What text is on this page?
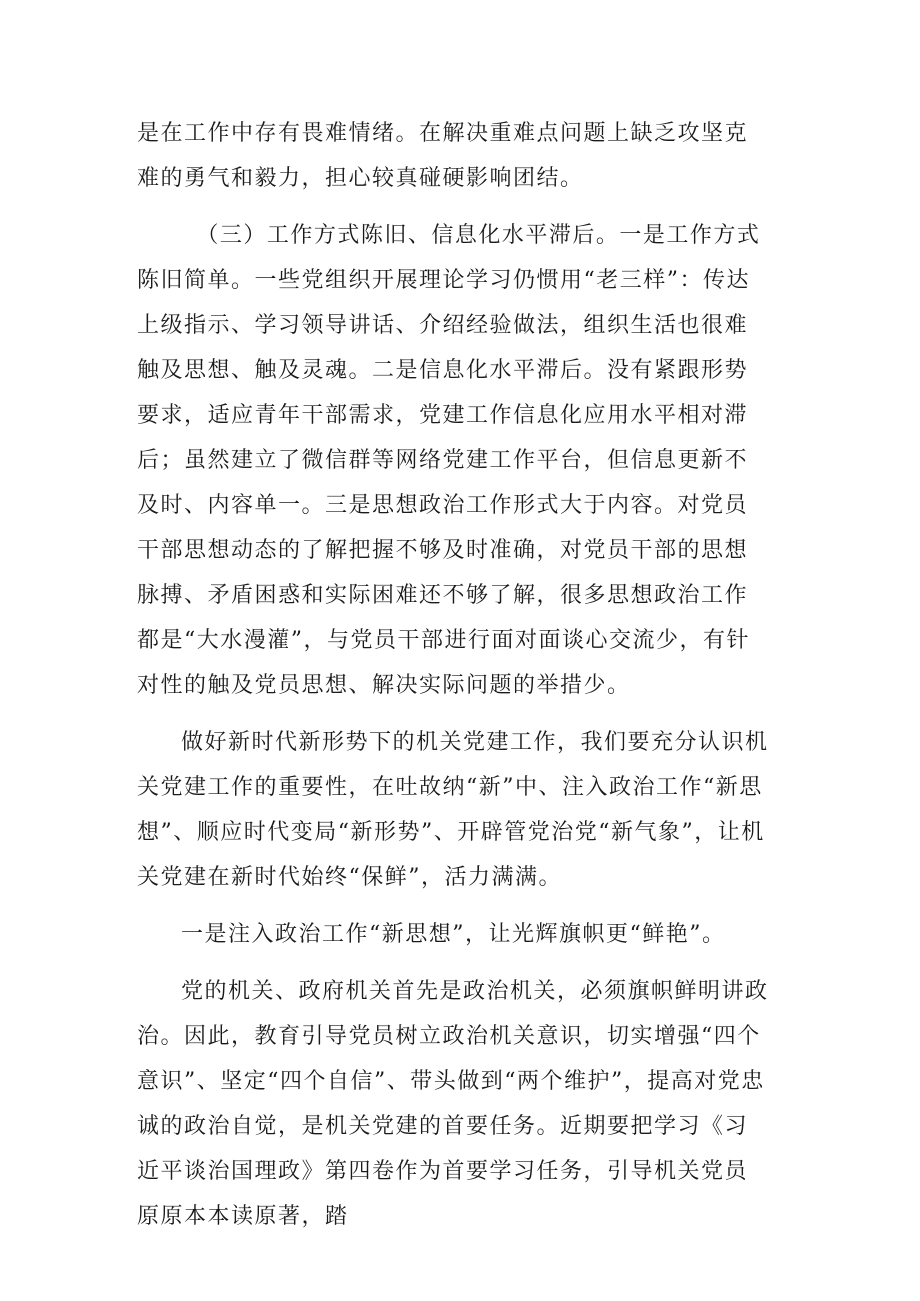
是在工作中存有畏难情绪。在解决重难点问题上缺乏攻坚克难的勇气和毅力，担心较真碰硬影响团结。

（三）工作方式陈旧、信息化水平滞后。一是工作方式陈旧简单。一些党组织开展理论学习仍惯用“老三样”：传达上级指示、学习领导讲话、介绍经验做法，组织生活也很难触及思想、触及灵魂。二是信息化水平滞后。没有紧跟形势要求，适应青年干部需求，党建工作信息化应用水平相对滞后；虽然建立了微信群等网络党建工作平台，但信息更新不及时、内容单一。三是思想政治工作形式大于内容。对党员干部思想动态的了解把握不够及时准确，对党员干部的思想脉搏、矛盾困惑和实际困难还不够了解，很多思想政治工作都是“大水漫灌”，与党员干部进行面对面谈心交流少，有针对性的触及党员思想、解决实际问题的举措少。

做好新时代新形势下的机关党建工作，我们要充分认识机关党建工作的重要性，在吐故纳“新”中、注入政治工作“新思想”、顺应时代变局“新形势”、开辟管党治党“新气象”，让机关党建在新时代始终“保鲜”，活力满满。

一是注入政治工作“新思想”，让光辉旗帜更“鲜艳”。

党的机关、政府机关首先是政治机关，必须旗帜鲜明讲政治。因此，教育引导党员树立政治机关意识，切实增强“四个意识”、坚定“四个自信”、带头做到“两个维护”，提高对党忠诚的政治自觉，是机关党建的首要任务。近期要把学习《习近平谈治国理政》第四卷作为首要学习任务，引导机关党员原原本本读原著，踏
